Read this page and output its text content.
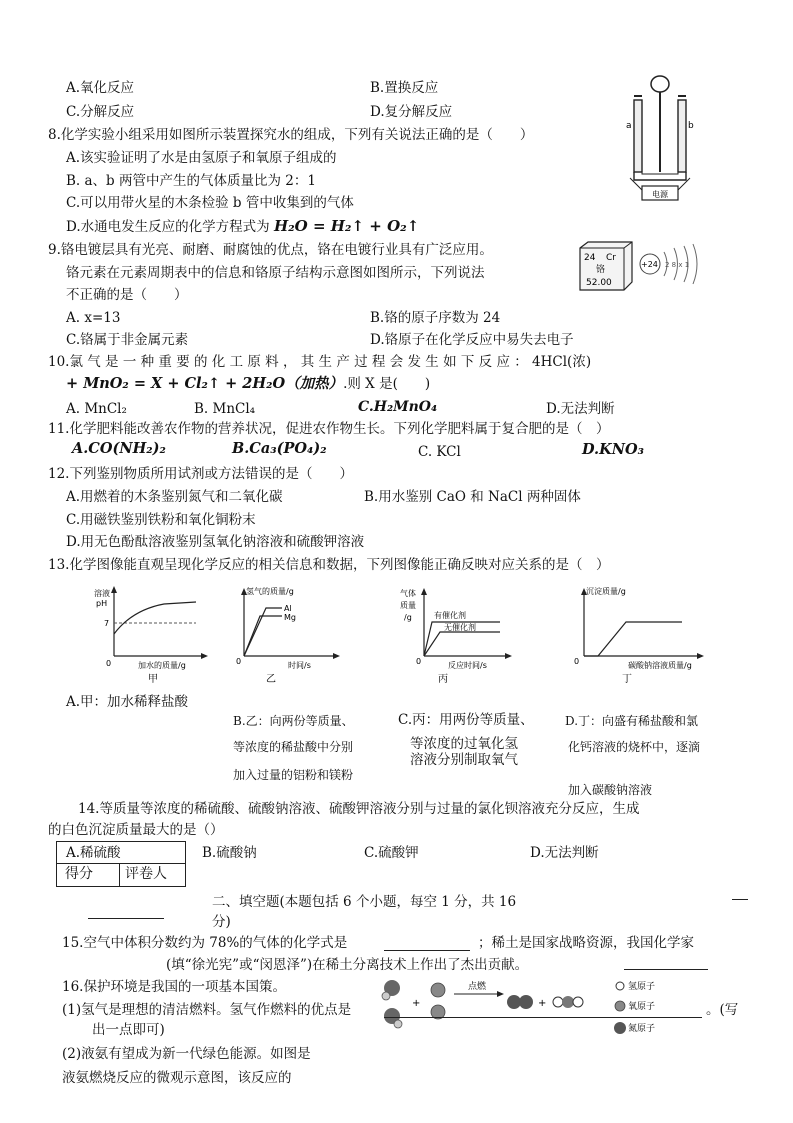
A.氧化反应	B.置换反应
C.分解反应	D.复分解反应
8.化学实验小组采用如图所示装置探究水的组成，下列有关说法正确的是（　　）
A.该实验证明了水是由氢原子和氧原子组成的
B. a、b 两管中产生的气体质量比为 2：1
C.可以用带火星的木条检验 b 管中收集到的气体
D.水通电发生反应的化学方程式为 H₂O = H₂↑ + O₂↑
a	b
电源
9.铬电镀层具有光亮、耐磨、耐腐蚀的优点，铬在电镀行业具有广泛应用。
铬元素在元素周期表中的信息和铬原子结构示意图如图所示，下列说法
不正确的是（　　）
24 Cr
铬
52.00
+24 2 8 x 1
A. x=13	B.铬的原子序数为 24
C.铬属于非金属元素	D.铬原子在化学反应中易失去电子
10.氯 气 是 一 种 重 要 的 化 工 原 料 ， 其 生 产 过 程 会 发 生 如 下 反 应 ： 4HCl(浓)
+ MnO₂ = X + Cl₂↑ + 2H₂O（加热）.则 X 是(　　)
A. MnCl₂	B. MnCl₄	C.H₂MnO₄	D.无法判断
11.化学肥料能改善农作物的营养状况，促进农作物生长。下列化学肥料属于复合肥的是（　）
A.CO(NH₂)₂	B.Ca₃(PO₄)₂	C. KCl	D.KNO₃
12.下列鉴别物质所用试剂或方法错误的是（　　）
A.用燃着的木条鉴别氮气和二氧化碳	B.用水鉴别 CaO 和 NaCl 两种固体
C.用磁铁鉴别铁粉和氧化铜粉末
D.用无色酚酞溶液鉴别氢氧化钠溶液和硫酸钾溶液
13.化学图像能直观呈现化学反应的相关信息和数据，下列图像能正确反映对应关系的是（　）
溶液
pH
7
0	加水的质量/g
甲
氢气的质量/g
Al
Mg
0	时间/s
乙
气体
质量
/g	有催化剂
无催化剂
0	反应时间/s
丙
沉淀质量/g
0	碳酸钠溶液质量/g
丁
A.甲：加水稀释盐酸
B.乙：向两份等质量、
等浓度的稀盐酸中分别
加入过量的铝粉和镁粉
C.丙：用两份等质量、
等浓度的过氧化氢
溶液分别制取氧气
D.丁：向盛有稀盐酸和氯
化钙溶液的烧杯中，逐滴
加入碳酸钠溶液
14.等质量等浓度的稀硫酸、硫酸钠溶液、硫酸钾溶液分别与过量的氯化钡溶液充分反应，生成
的白色沉淀质量最大的是（）
得分 评卷人
A.稀硫酸	B.硫酸钠	C.硫酸钾	D.无法判断
二、填空题(本题包括 6 个小题，每空 1 分，共 16
分)
15.空气中体积分数约为 78%的气体的化学式是	；稀土是国家战略资源，我国化学家
(填“徐光宪”或“闵恩泽”)在稀土分离技术上作出了杰出贡献。
16.保护环境是我国的一项基本国策。
(1)氢气是理想的清洁燃料。氢气作燃料的优点是	。(写
出一点即可)
(2)液氨有望成为新一代绿色能源。如图是
液氨燃烧反应的微观示意图，该反应的
+
点燃
+
氢原子
氧原子
氮原子
